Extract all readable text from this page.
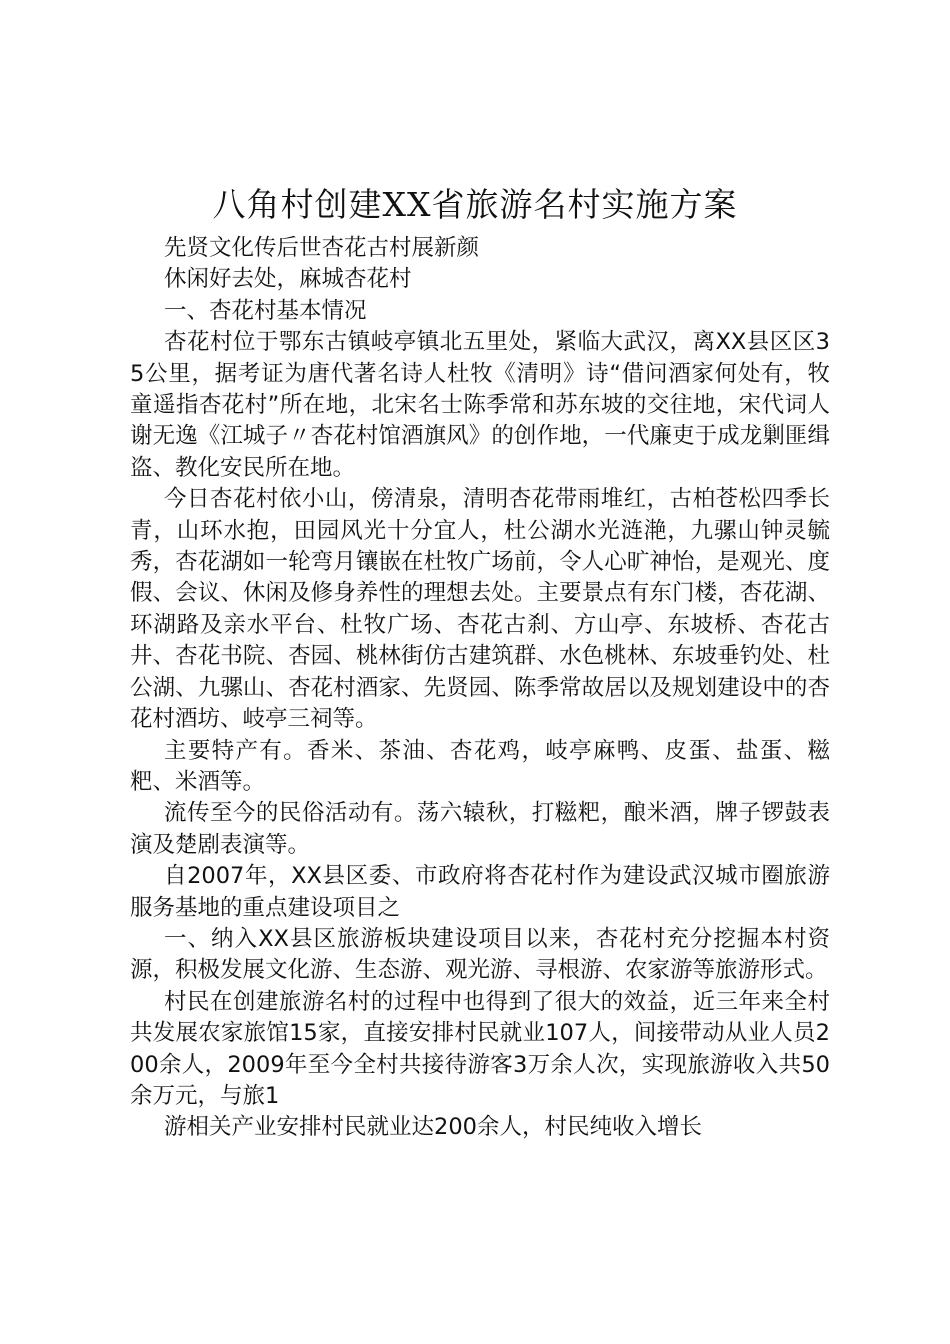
八角村创建XX省旅游名村实施方案

先贤文化传后世杏花古村展新颜

休闲好去处，麻城杏花村

一、杏花村基本情况

杏花村位于鄂东古镇岐亭镇北五里处，紧临大武汉，离XX县区区35公里，据考证为唐代著名诗人杜牧《清明》诗“借问酒家何处有，牧童遥指杏花村”所在地，北宋名士陈季常和苏东坡的交往地，宋代词人谢无逸《江城子〃杏花村馆酒旗风》的创作地，一代廉吏于成龙剿匪缉盗、教化安民所在地。

今日杏花村依小山，傍清泉，清明杏花带雨堆红，古柏苍松四季长青，山环水抱，田园风光十分宜人，杜公湖水光涟滟，九骡山钟灵毓秀，杏花湖如一轮弯月镶嵌在杜牧广场前，令人心旷神怡，是观光、度假、会议、休闲及修身养性的理想去处。主要景点有东门楼，杏花湖、环湖路及亲水平台、杜牧广场、杏花古刹、方山亭、东坡桥、杏花古井、杏花书院、杏园、桃林街仿古建筑群、水色桃林、东坡垂钓处、杜公湖、九骡山、杏花村酒家、先贤园、陈季常故居以及规划建设中的杏花村酒坊、岐亭三祠等。

主要特产有。香米、茶油、杏花鸡，岐亭麻鸭、皮蛋、盐蛋、糍粑、米酒等。

流传至今的民俗活动有。荡六辕秋，打糍粑，酿米酒，牌子锣鼓表演及楚剧表演等。

自2007年，XX县区委、市政府将杏花村作为建设武汉城市圈旅游服务基地的重点建设项目之

一、纳入XX县区旅游板块建设项目以来，杏花村充分挖掘本村资源，积极发展文化游、生态游、观光游、寻根游、农家游等旅游形式。

村民在创建旅游名村的过程中也得到了很大的效益，近三年来全村共发展农家旅馆15家，直接安排村民就业107人，间接带动从业人员200余人，2009年至今全村共接待游客3万余人次，实现旅游收入共50余万元，与旅1

游相关产业安排村民就业达200余人，村民纯收入增长
